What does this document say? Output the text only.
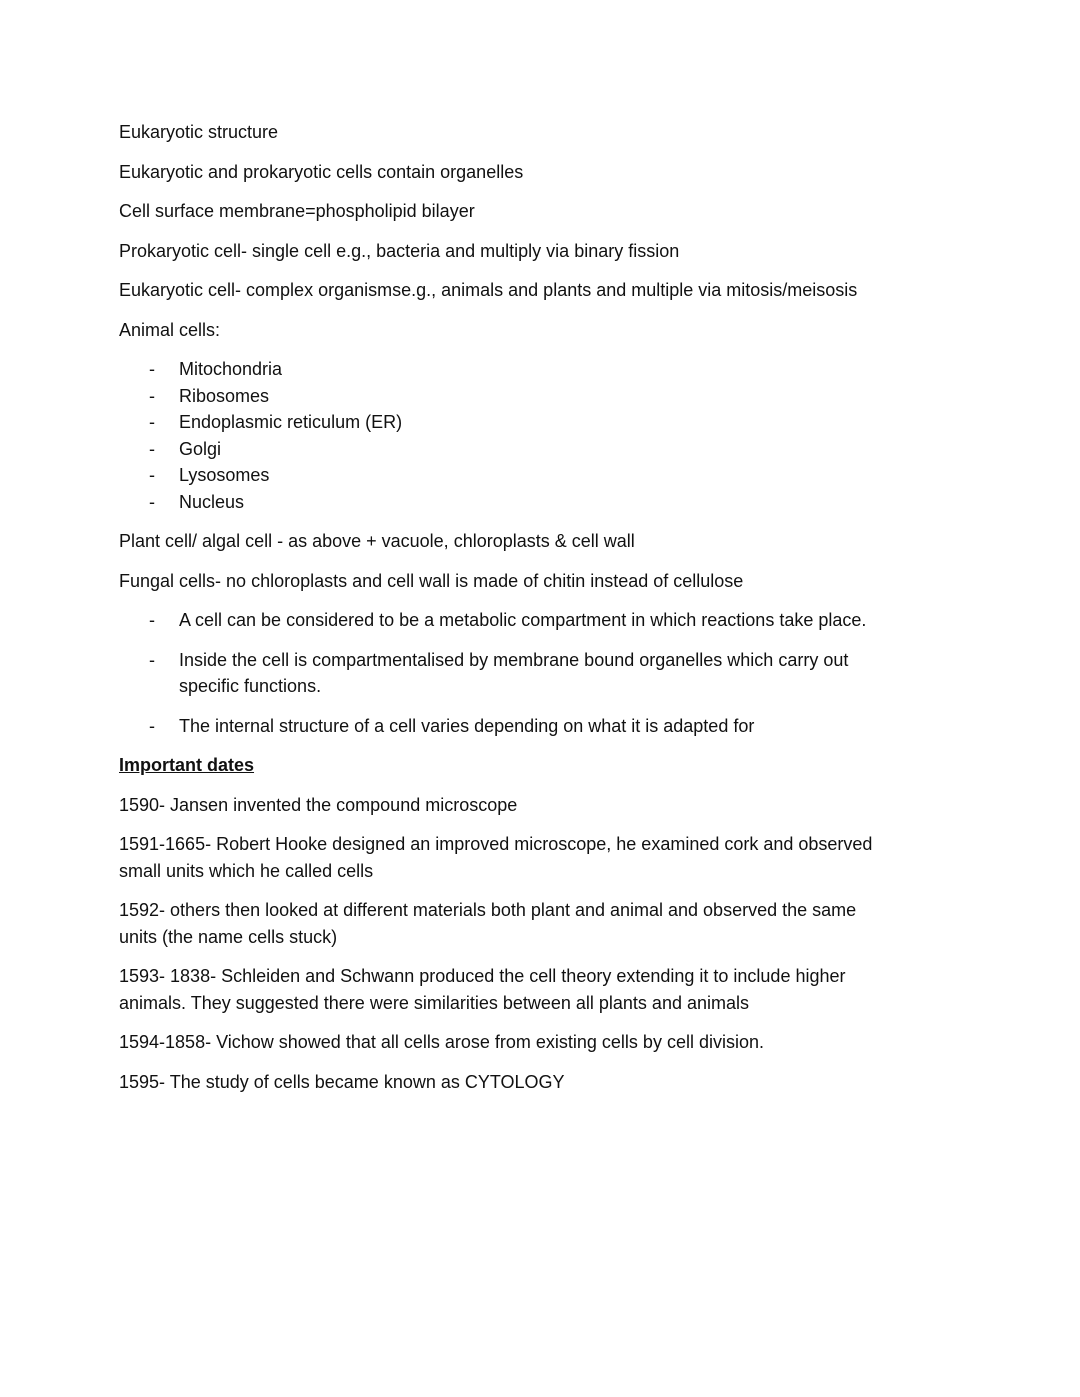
Eukaryotic structure

Eukaryotic and prokaryotic cells contain organelles

Cell surface membrane=phospholipid bilayer

Prokaryotic cell- single cell e.g., bacteria and multiply via binary fission

Eukaryotic cell- complex organismse.g., animals and plants and multiple via mitosis/meisosis

Animal cells:

- Mitochondria
- Ribosomes
- Endoplasmic reticulum (ER)
- Golgi
- Lysosomes
- Nucleus

Plant cell/ algal cell - as above + vacuole, chloroplasts & cell wall

Fungal cells- no chloroplasts and cell wall is made of chitin instead of cellulose

- A cell can be considered to be a metabolic compartment in which reactions take place.
- Inside the cell is compartmentalised by membrane bound organelles which carry out specific functions.
- The internal structure of a cell varies depending on what it is adapted for

Important dates

1590- Jansen invented the compound microscope

1591-1665- Robert Hooke designed an improved microscope, he examined cork and observed small units which he called cells

1592- others then looked at different materials both plant and animal and observed the same units (the name cells stuck)

1593- 1838- Schleiden and Schwann produced the cell theory extending it to include higher animals. They suggested there were similarities between all plants and animals

1594-1858- Vichow showed that all cells arose from existing cells by cell division.

1595- The study of cells became known as CYTOLOGY
